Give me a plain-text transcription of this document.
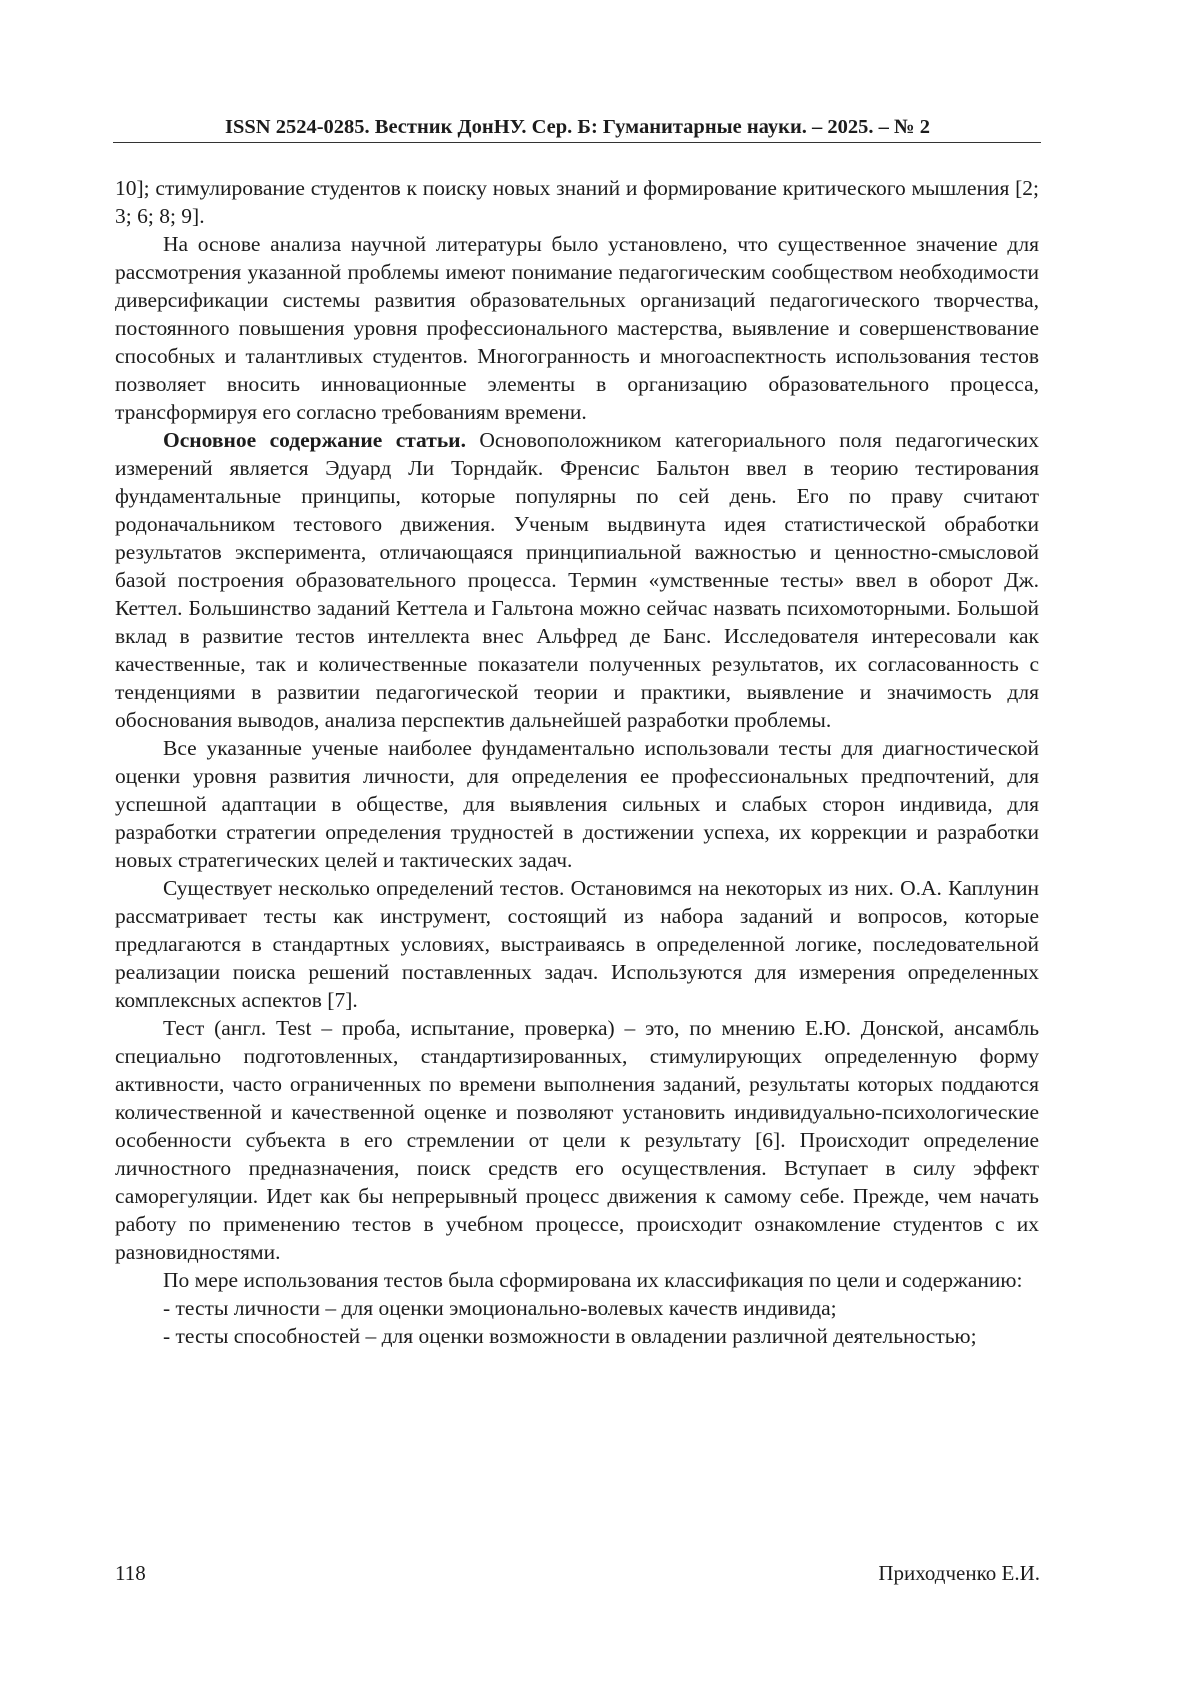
ISSN 2524-0285. Вестник ДонНУ. Сер. Б: Гуманитарные науки. – 2025. – № 2

10]; стимулирование студентов к поиску новых знаний и формирование критического мышления [2; 3; 6; 8; 9].

На основе анализа научной литературы было установлено, что существенное значение для рассмотрения указанной проблемы имеют понимание педагогическим сообществом необходимости диверсификации системы развития образовательных организаций педагогического творчества, постоянного повышения уровня профессионального мастерства, выявление и совершенствование способных и талантливых студентов. Многогранность и многоаспектность использования тестов позволяет вносить инновационные элементы в организацию образовательного процесса, трансформируя его согласно требованиям времени.

Основное содержание статьи. Основоположником категориального поля педагогических измерений является Эдуард Ли Торндайк. Френсис Бальтон ввел в теорию тестирования фундаментальные принципы, которые популярны по сей день. Его по праву считают родоначальником тестового движения. Ученым выдвинута идея статистической обработки результатов эксперимента, отличающаяся принципиальной важностью и ценностно-смысловой базой построения образовательного процесса. Термин «умственные тесты» ввел в оборот Дж. Кеттел. Большинство заданий Кеттела и Гальтона можно сейчас назвать психомоторными. Большой вклад в развитие тестов интеллекта внес Альфред де Банс. Исследователя интересовали как качественные, так и количественные показатели полученных результатов, их согласованность с тенденциями в развитии педагогической теории и практики, выявление и значимость для обоснования выводов, анализа перспектив дальнейшей разработки проблемы.

Все указанные ученые наиболее фундаментально использовали тесты для диагностической оценки уровня развития личности, для определения ее профессиональных предпочтений, для успешной адаптации в обществе, для выявления сильных и слабых сторон индивида, для разработки стратегии определения трудностей в достижении успеха, их коррекции и разработки новых стратегических целей и тактических задач.

Существует несколько определений тестов. Остановимся на некоторых из них. О.А. Каплунин рассматривает тесты как инструмент, состоящий из набора заданий и вопросов, которые предлагаются в стандартных условиях, выстраиваясь в определенной логике, последовательной реализации поиска решений поставленных задач. Используются для измерения определенных комплексных аспектов [7].

Тест (англ. Test – проба, испытание, проверка) – это, по мнению Е.Ю. Донской, ансамбль специально подготовленных, стандартизированных, стимулирующих определенную форму активности, часто ограниченных по времени выполнения заданий, результаты которых поддаются количественной и качественной оценке и позволяют установить индивидуально-психологические особенности субъекта в его стремлении от цели к результату [6]. Происходит определение личностного предназначения, поиск средств его осуществления. Вступает в силу эффект саморегуляции. Идет как бы непрерывный процесс движения к самому себе. Прежде, чем начать работу по применению тестов в учебном процессе, происходит ознакомление студентов с их разновидностями.

По мере использования тестов была сформирована их классификация по цели и содержанию:

- тесты личности – для оценки эмоционально-волевых качеств индивида;

- тесты способностей – для оценки возможности в овладении различной деятельностью;

118	Приходченко Е.И.
